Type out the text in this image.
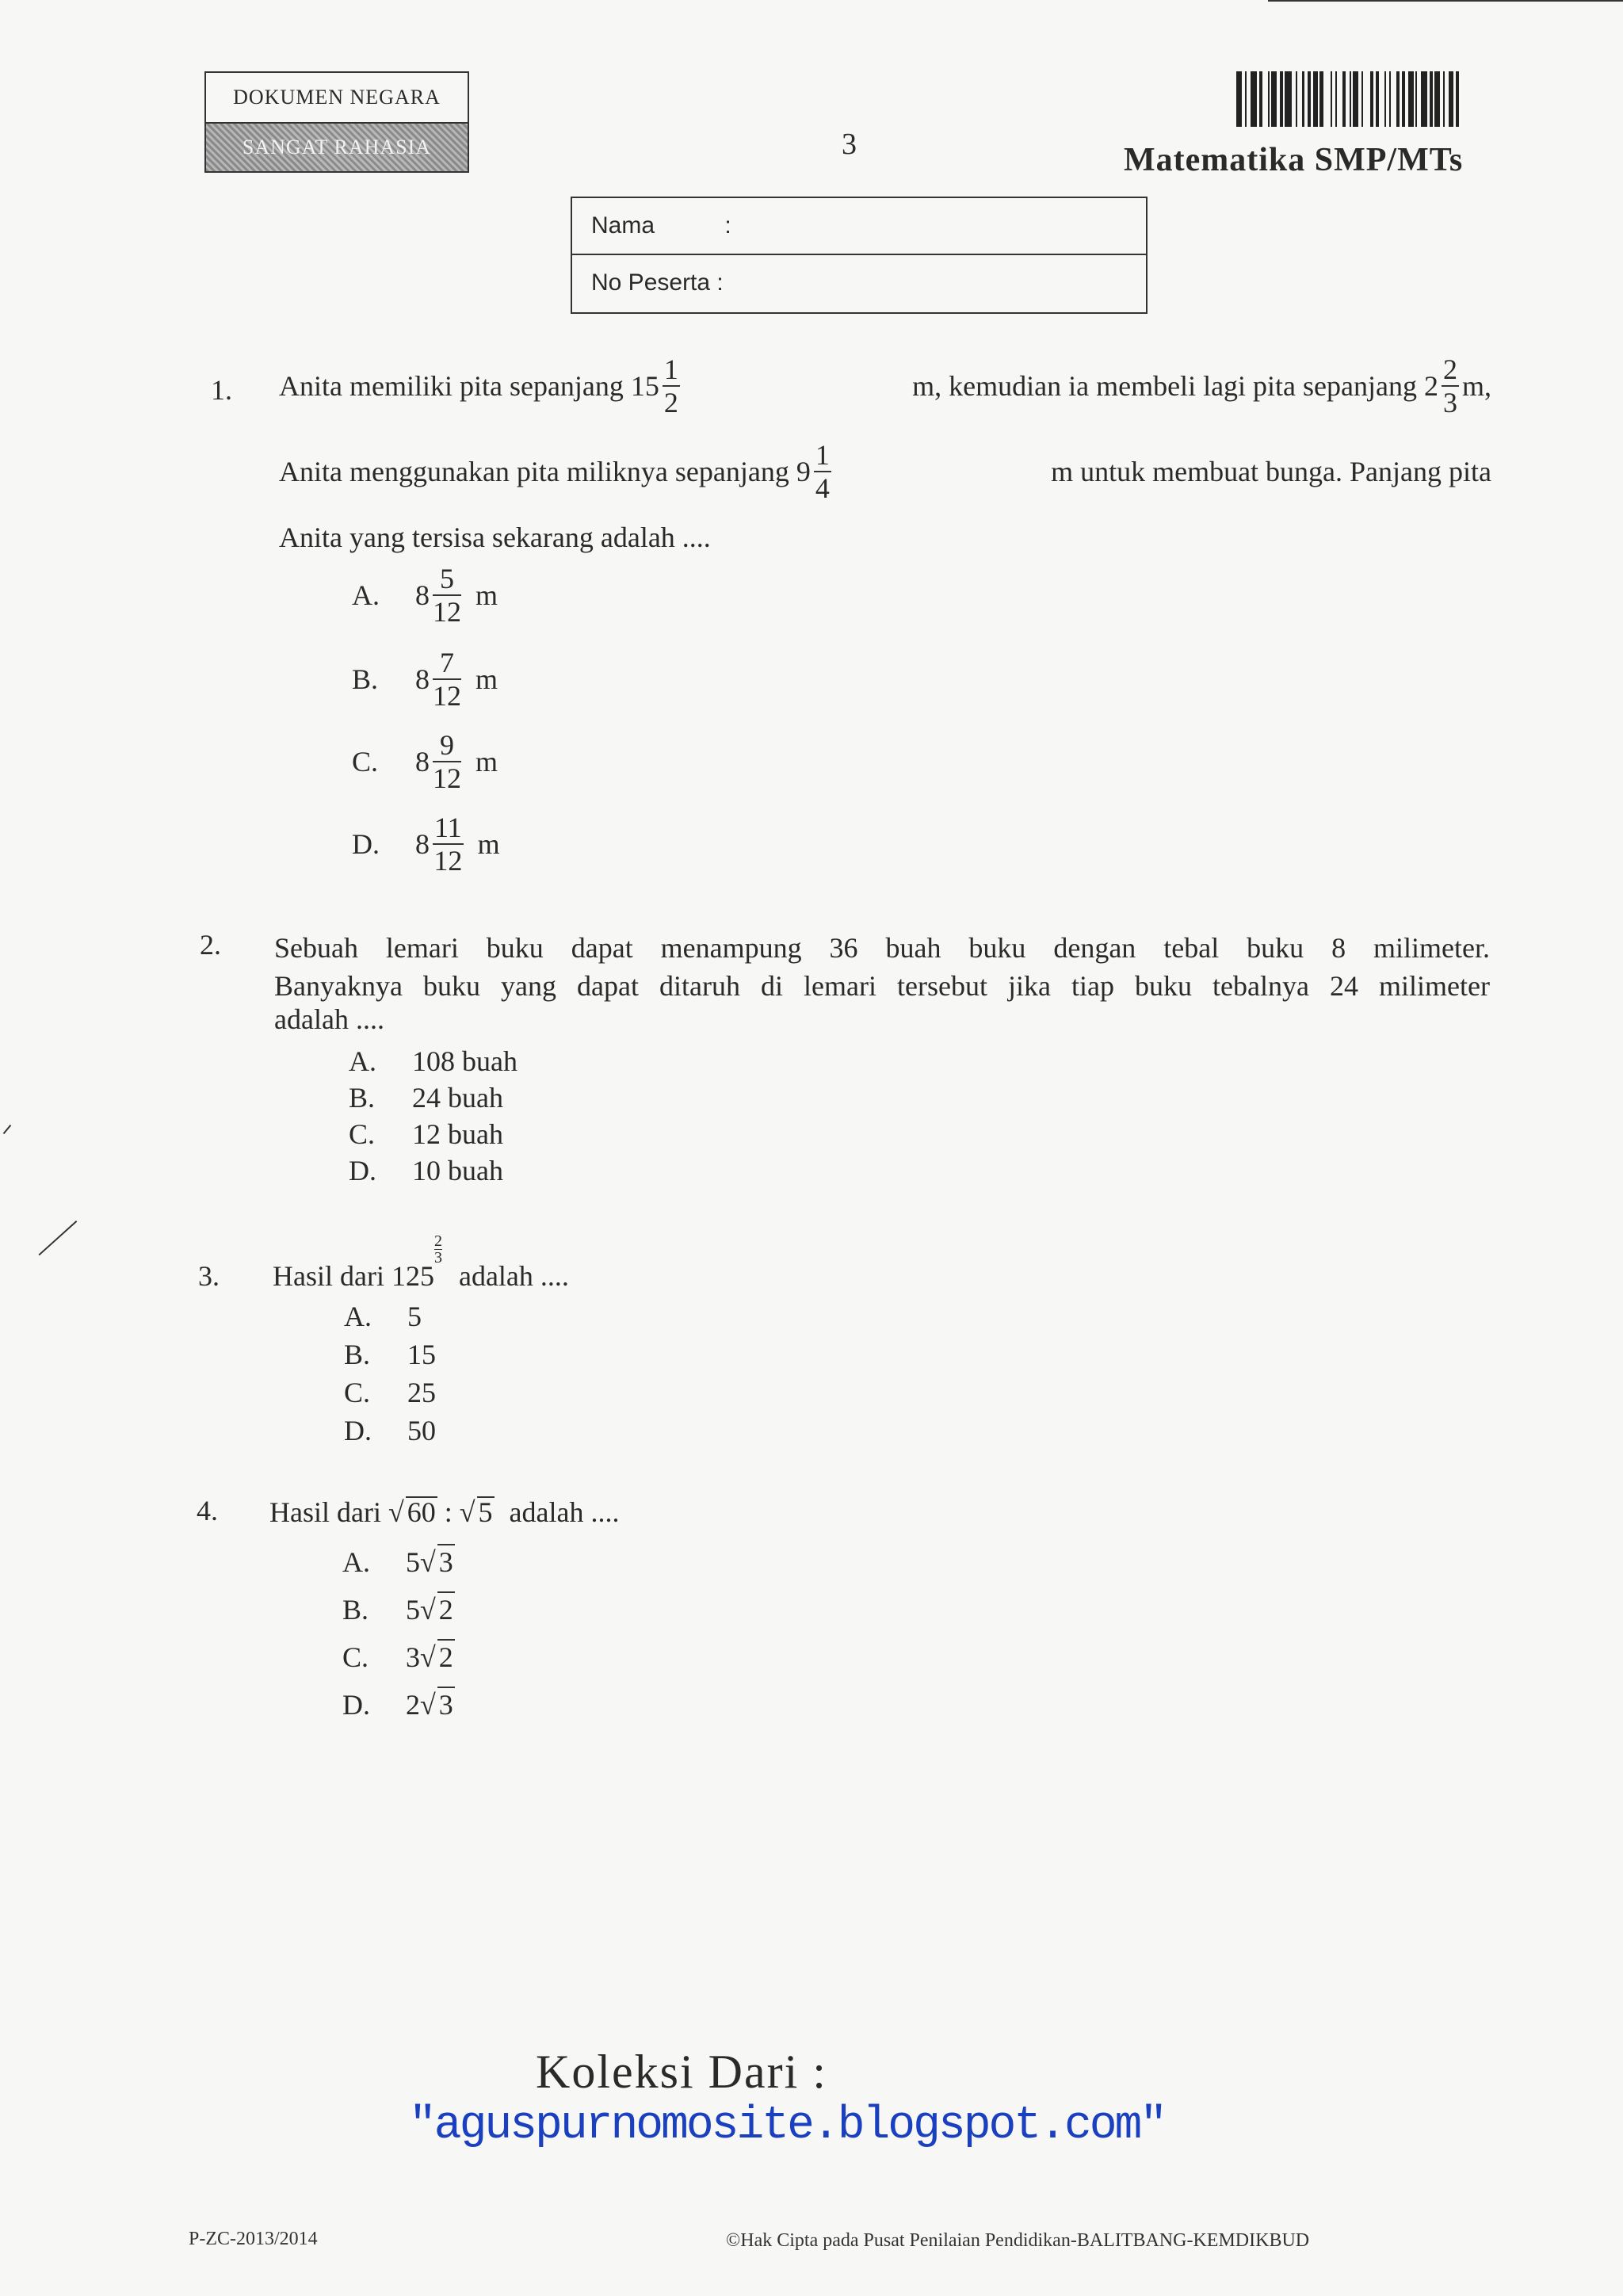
DOKUMEN NEGARA
SANGAT RAHASIA	3	Matematika SMP/MTs
Nama	:
No Peserta :
1. Anita memiliki pita sepanjang $15 \frac{1}{2}$	m, kemudian ia membeli lagi pita sepanjang $2 \frac{2}{3} m$,
Anita menggunakan pita miliknya sepanjang $9 \frac{1}{4}$	m untuk membuat bunga. Panjang pita
Anita yang tersisa sekarang adalah ....
A.	$8 \frac{5}{12}$ m
B.	$8 \frac{7}{12}$ m
C.	$8 \frac{9}{12}$ m
D.	$8 \frac{11}{12}$ m
2. Sebuah lemari buku dapat menampung 36 buah buku dengan tebal buku 8 milimeter.
Banyaknya buku yang dapat ditaruh di lemari tersebut jika tiap buku tebalnya 24 milimeter
adalah ....
A. 108 buah
B. 24 buah
C. 12 buah
D. 10 buah
3. Hasil dari 125
$\frac{2}{3}$ adalah ....
A. 5
B. 15
C. 25
D. 50
4. Hasil dari √ 60 : √ 5 adalah ....
A. 5√ 3
B. 5√ 2
C. 3√ 2
D. 2√ 3
Koleksi Dari :
"aguspurnomosite.blogspot.com"
P-ZC-2013/2014	©Hak Cipta pada Pusat Penilaian Pendidikan-BALITBANG-KEMDIKBUD
